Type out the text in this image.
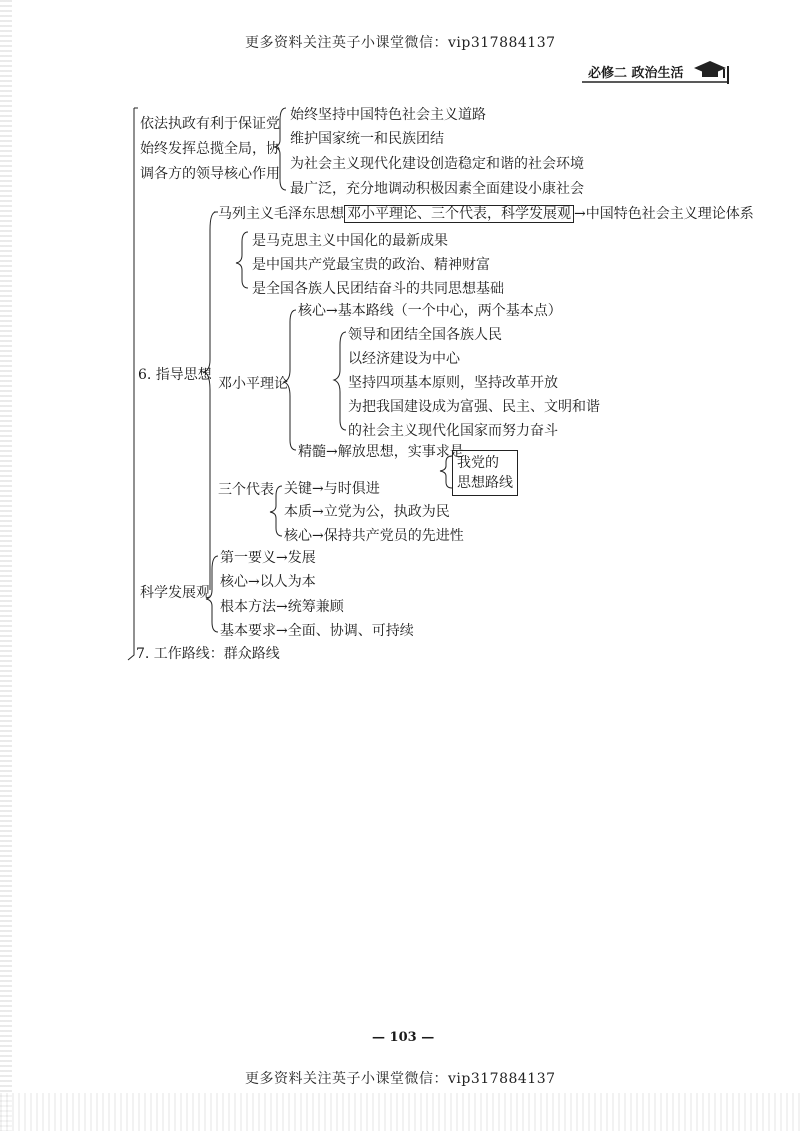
更多资料关注英子小课堂微信：vip317884137
必修二 政治生活
依法执政有利于保证党
始终发挥总揽全局，协
调各方的领导核心作用
始终坚持中国特色社会主义道路
维护国家统一和民族团结
为社会主义现代化建设创造稳定和谐的社会环境
最广泛，充分地调动积极因素全面建设小康社会
马列主义毛泽东思想 邓小平理论、三个代表，科学发展观 →中国特色社会主义理论体系
是马克思主义中国化的最新成果
是中国共产党最宝贵的政治、精神财富
是全国各族人民团结奋斗的共同思想基础
6. 指导思想
邓小平理论
核心→基本路线（一个中心，两个基本点）
领导和团结全国各族人民
以经济建设为中心
坚持四项基本原则，坚持改革开放
为把我国建设成为富强、民主、文明和谐
的社会主义现代化国家而努力奋斗
精髓→解放思想，实事求是
我党的
思想路线
三个代表 关键→与时俱进
本质→立党为公，执政为民
核心→保持共产党员的先进性
科学发展观
第一要义→发展
核心→以人为本
根本方法→统筹兼顾
基本要求→全面、协调、可持续
7. 工作路线：群众路线
— 103 —
更多资料关注英子小课堂微信：vip317884137
